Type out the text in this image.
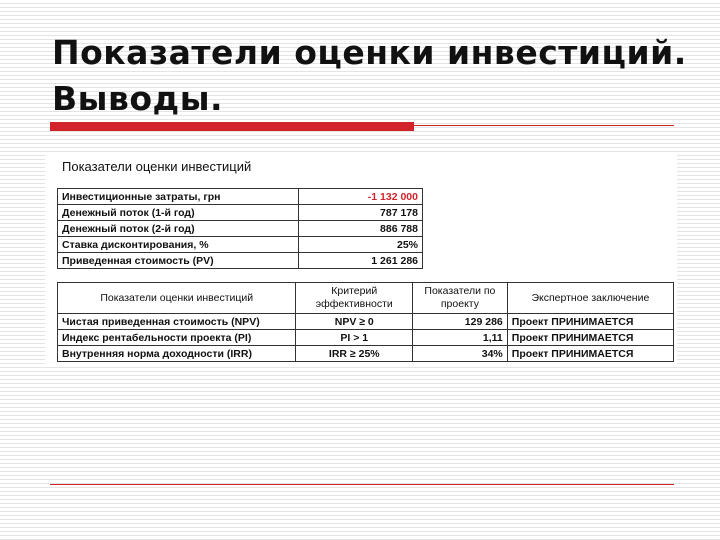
Показатели оценки инвестиций.
Выводы.
Показатели оценки инвестиций
Инвестиционные затраты, грн	-1 132 000
Денежный поток (1-й год)	787 178
Денежный поток (2-й год)	886 788
Ставка дисконтирования, %	25%
Приведенная стоимость (PV)	1 261 286
Показатели оценки инвестиций	Критерий эффективности	Показатели по проекту	Экспертное заключение
Чистая приведенная стоимость (NPV)	NPV ≥ 0	129 286	Проект ПРИНИМАЕТСЯ
Индекс рентабельности проекта (PI)	PI > 1	1,11	Проект ПРИНИМАЕТСЯ
Внутренняя норма доходности (IRR)	IRR ≥ 25%	34%	Проект ПРИНИМАЕТСЯ
